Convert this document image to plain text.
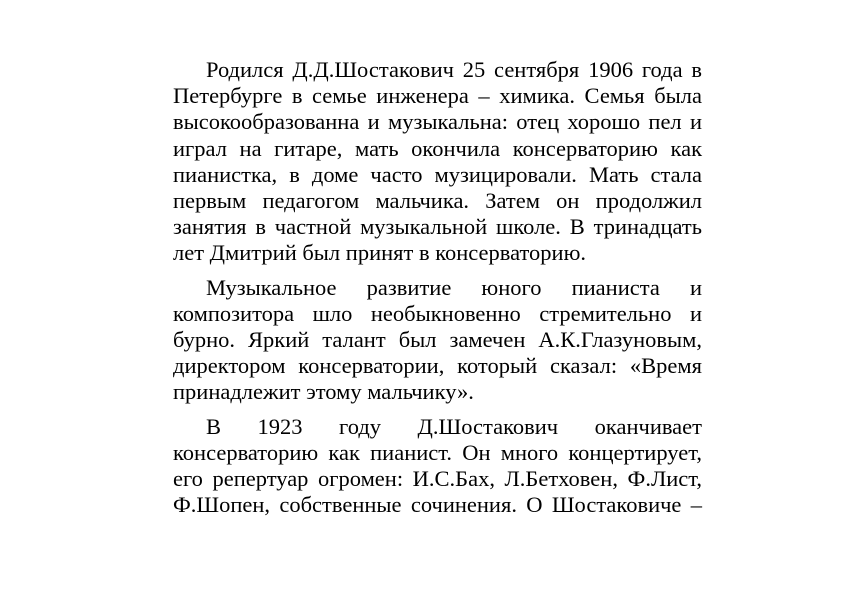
Родился Д.Д.Шостакович 25 сентября 1906 года в Петербурге в семье инженера – химика. Семья была высокообразованна и музыкальна: отец хорошо пел и играл на гитаре, мать окончила консерваторию как пианистка, в доме часто музицировали. Мать стала первым педагогом мальчика. Затем он продолжил занятия в частной музыкальной школе. В тринадцать лет Дмитрий был принят в консерваторию.

Музыкальное развитие юного пианиста и композитора шло необыкновенно стремительно и бурно. Яркий талант был замечен А.К.Глазуновым, директором консерватории, который сказал: «Время принадлежит этому мальчику».

В 1923 году Д.Шостакович оканчивает консерваторию как пианист. Он много концертирует, его репертуар огромен: И.С.Бах, Л.Бетховен, Ф.Лист, Ф.Шопен, собственные сочинения. О Шостаковиче –
